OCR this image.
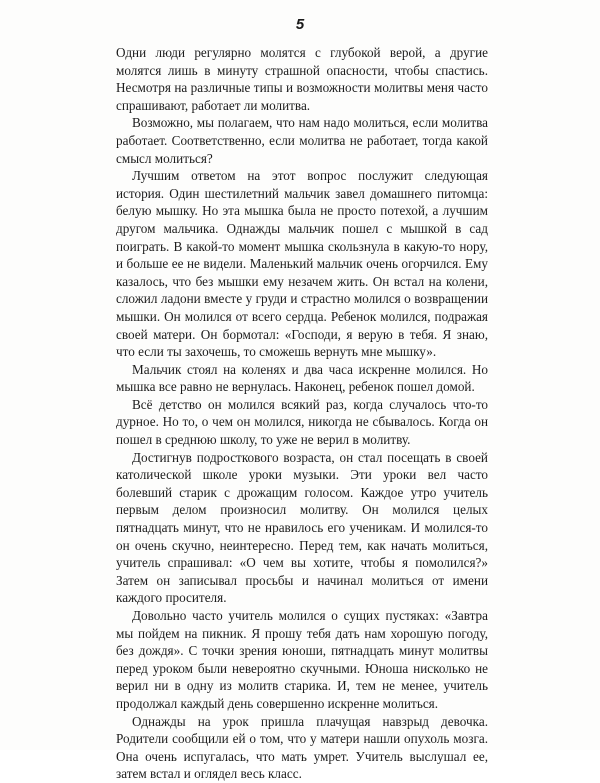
5

Одни люди регулярно молятся с глубокой верой, а другие молятся лишь в минуту страшной опасности, чтобы спастись. Несмотря на различные типы и возможности молитвы меня часто спрашивают, работает ли молитва.

Возможно, мы полагаем, что нам надо молиться, если молитва работает. Соответственно, если молитва не работает, тогда какой смысл молиться?

Лучшим ответом на этот вопрос послужит следующая история. Один шестилетний мальчик завел домашнего питомца: белую мышку. Но эта мышка была не просто потехой, а лучшим другом мальчика. Однажды мальчик пошел с мышкой в сад поиграть. В какой-то момент мышка скользнула в какую-то нору, и больше ее не видели. Маленький мальчик очень огорчился. Ему казалось, что без мышки ему незачем жить. Он встал на колени, сложил ладони вместе у груди и страстно молился о возвращении мышки. Он молился от всего сердца. Ребенок молился, подражая своей матери. Он бормотал: «Господи, я верую в тебя. Я знаю, что если ты захочешь, то сможешь вернуть мне мышку».

Мальчик стоял на коленях и два часа искренне молился. Но мышка все равно не вернулась. Наконец, ребенок пошел домой.

Всё детство он молился всякий раз, когда случалось что-то дурное. Но то, о чем он молился, никогда не сбывалось. Когда он пошел в среднюю школу, то уже не верил в молитву.

Достигнув подросткового возраста, он стал посещать в своей католической школе уроки музыки. Эти уроки вел часто болевший старик с дрожащим голосом. Каждое утро учитель первым делом произносил молитву. Он молился целых пятнадцать минут, что не нравилось его ученикам. И молился-то он очень скучно, неинтересно. Перед тем, как начать молиться, учитель спрашивал: «О чем вы хотите, чтобы я помолился?» Затем он записывал просьбы и начинал молиться от имени каждого просителя.

Довольно часто учитель молился о сущих пустяках: «Завтра мы пойдем на пикник. Я прошу тебя дать нам хорошую погоду, без дождя». С точки зрения юноши, пятнадцать минут молитвы перед уроком были невероятно скучными. Юноша нисколько не верил ни в одну из молитв старика. И, тем не менее, учитель продолжал каждый день совершенно искренне молиться.

Однажды на урок пришла плачущая навзрыд девочка. Родители сообщили ей о том, что у матери нашли опухоль мозга. Она очень испугалась, что мать умрет. Учитель выслушал ее, затем встал и оглядел весь класс.
